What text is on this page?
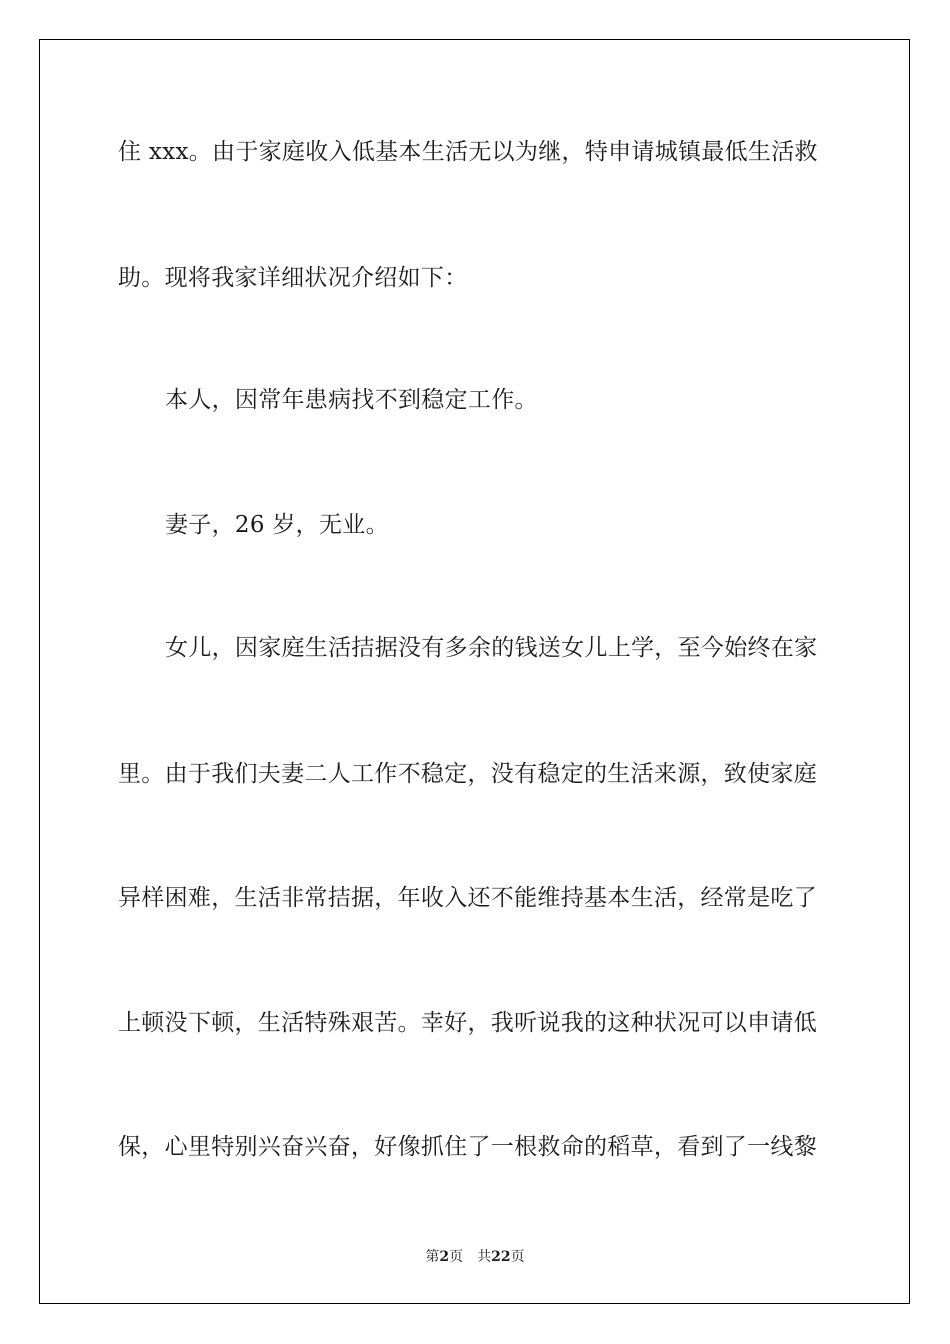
住 xxx。由于家庭收入低基本生活无以为继，特申请城镇最低生活救
助。现将我家详细状况介绍如下：
本人，因常年患病找不到稳定工作。
妻子，26 岁，无业。
女儿，因家庭生活拮据没有多余的钱送女儿上学，至今始终在家
里。由于我们夫妻二人工作不稳定，没有稳定的生活来源，致使家庭
异样困难，生活非常拮据，年收入还不能维持基本生活，经常是吃了
上顿没下顿，生活特殊艰苦。幸好，我听说我的这种状况可以申请低
保，心里特别兴奋兴奋，好像抓住了一根救命的稻草，看到了一线黎
第2页 共22页
